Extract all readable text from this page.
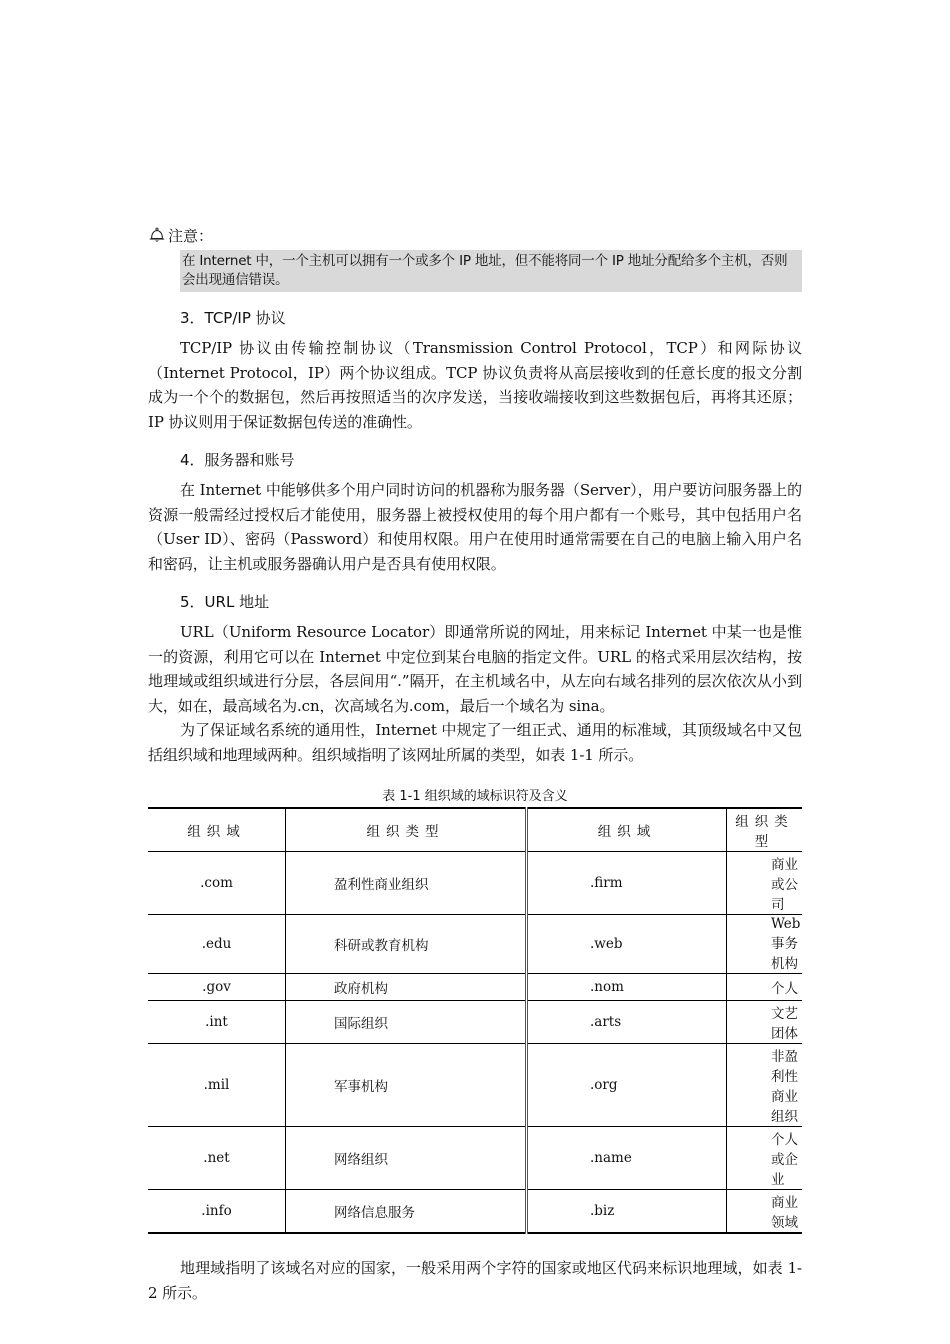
注意：
在 Internet 中，一个主机可以拥有一个或多个 IP 地址，但不能将同一个 IP 地址分配给多个主机，否则会出现通信错误。
3．TCP/IP 协议
TCP/IP 协议由传输控制协议（Transmission Control Protocol，TCP）和网际协议（Internet Protocol，IP）两个协议组成。TCP 协议负责将从高层接收到的任意长度的报文分割成为一个个的数据包，然后再按照适当的次序发送，当接收端接收到这些数据包后，再将其还原；IP 协议则用于保证数据包传送的准确性。
4．服务器和账号
在 Internet 中能够供多个用户同时访问的机器称为服务器（Server），用户要访问服务器上的资源一般需经过授权后才能使用，服务器上被授权使用的每个用户都有一个账号，其中包括用户名（User ID）、密码（Password）和使用权限。用户在使用时通常需要在自己的电脑上输入用户名和密码，让主机或服务器确认用户是否具有使用权限。
5．URL 地址
URL（Uniform Resource Locator）即通常所说的网址，用来标记 Internet 中某一也是惟一的资源，利用它可以在 Internet 中定位到某台电脑的指定文件。URL 的格式采用层次结构，按地理域或组织域进行分层，各层间用“.”隔开，在主机域名中，从左向右域名排列的层次依次从小到大，如在，最高域名为.cn，次高域名为.com，最后一个域名为 sina。
为了保证域名系统的通用性，Internet 中规定了一组正式、通用的标准域，其顶级域名中又包括组织域和地理域两种。组织域指明了该网址所属的类型，如表 1-1 所示。
表 1-1 组织域的域标识符及含义
组织域	组织类型	组织域	组织类型
.com	盈利性商业组织	.firm	商业或公司
.edu	科研或教育机构	.web	Web 事务机构
.gov	政府机构	.nom	个人
.int	国际组织	.arts	文艺团体
.mil	军事机构	.org	非盈利性商业组织
.net	网络组织	.name	个人或企业
.info	网络信息服务	.biz	商业领域
地理域指明了该域名对应的国家，一般采用两个字符的国家或地区代码来标识地理域，如表 1-2 所示。
